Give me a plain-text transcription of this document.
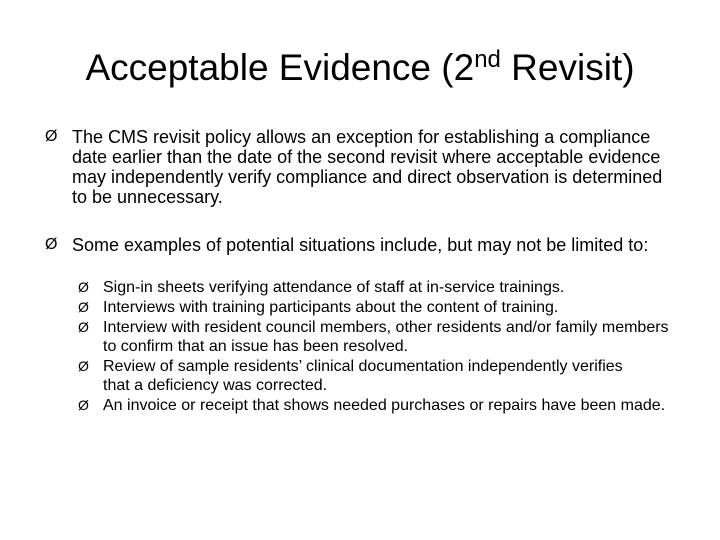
Acceptable Evidence (2nd Revisit)
Ø The CMS revisit policy allows an exception for establishing a compliance date earlier than the date of the second revisit where acceptable evidence may independently verify compliance and direct observation is determined to be unnecessary.
Ø Some examples of potential situations include, but may not be limited to:
Ø Sign-in sheets verifying attendance of staff at in-service trainings.
Ø Interviews with training participants about the content of training.
Ø Interview with resident council members, other residents and/or family members to confirm that an issue has been resolved.
Ø Review of sample residents’ clinical documentation independently verifies that a deficiency was corrected.
Ø An invoice or receipt that shows needed purchases or repairs have been made.
